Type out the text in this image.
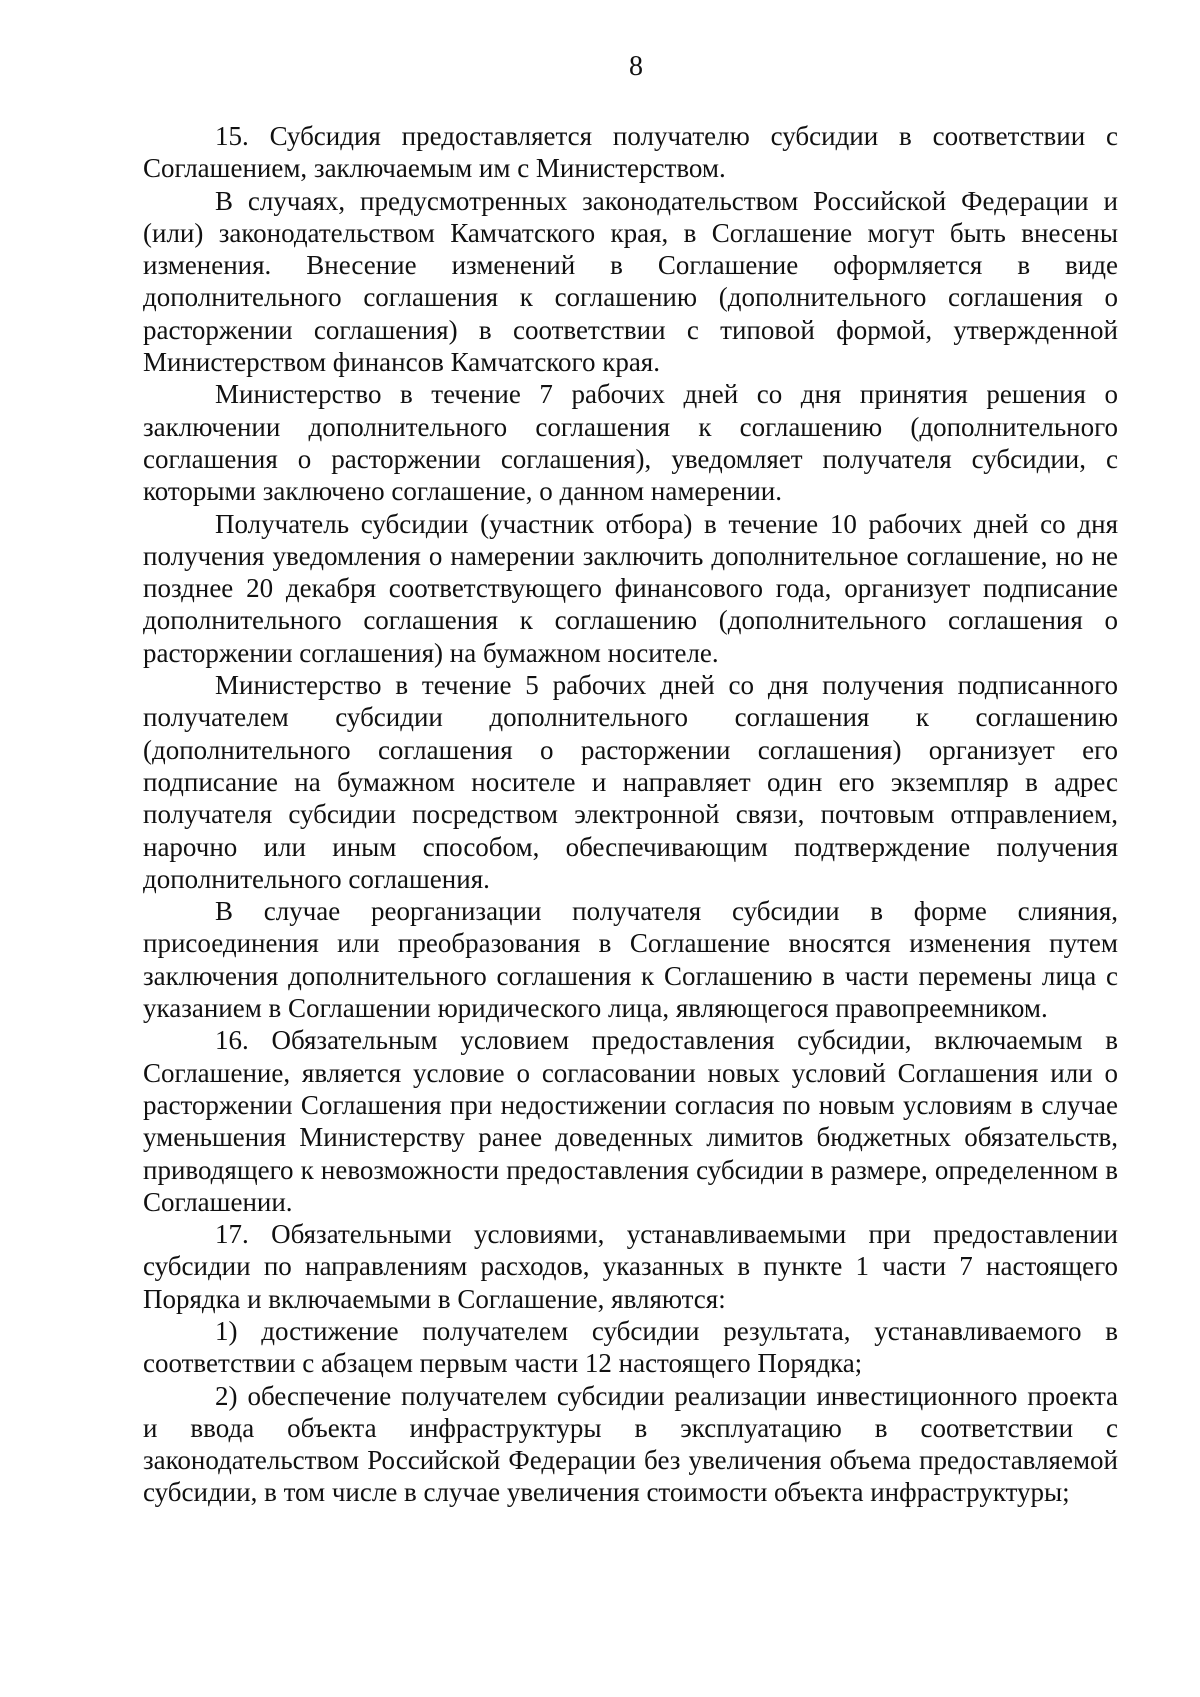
8

15. Субсидия предоставляется получателю субсидии в соответствии с Соглашением, заключаемым им с Министерством.

В случаях, предусмотренных законодательством Российской Федерации и (или) законодательством Камчатского края, в Соглашение могут быть внесены изменения. Внесение изменений в Соглашение оформляется в виде дополнительного соглашения к соглашению (дополнительного соглашения о расторжении соглашения) в соответствии с типовой формой, утвержденной Министерством финансов Камчатского края.

Министерство в течение 7 рабочих дней со дня принятия решения о заключении дополнительного соглашения к соглашению (дополнительного соглашения о расторжении соглашения), уведомляет получателя субсидии, с которыми заключено соглашение, о данном намерении.

Получатель субсидии (участник отбора) в течение 10 рабочих дней со дня получения уведомления о намерении заключить дополнительное соглашение, но не позднее 20 декабря соответствующего финансового года, организует подписание дополнительного соглашения к соглашению (дополнительного соглашения о расторжении соглашения) на бумажном носителе.

Министерство в течение 5 рабочих дней со дня получения подписанного получателем субсидии дополнительного соглашения к соглашению (дополнительного соглашения о расторжении соглашения) организует его подписание на бумажном носителе и направляет один его экземпляр в адрес получателя субсидии посредством электронной связи, почтовым отправлением, нарочно или иным способом, обеспечивающим подтверждение получения дополнительного соглашения.

В случае реорганизации получателя субсидии в форме слияния, присоединения или преобразования в Соглашение вносятся изменения путем заключения дополнительного соглашения к Соглашению в части перемены лица с указанием в Соглашении юридического лица, являющегося правопреемником.

16. Обязательным условием предоставления субсидии, включаемым в Соглашение, является условие о согласовании новых условий Соглашения или о расторжении Соглашения при недостижении согласия по новым условиям в случае уменьшения Министерству ранее доведенных лимитов бюджетных обязательств, приводящего к невозможности предоставления субсидии в размере, определенном в Соглашении.

17. Обязательными условиями, устанавливаемыми при предоставлении субсидии по направлениям расходов, указанных в пункте 1 части 7 настоящего Порядка и включаемыми в Соглашение, являются:

1) достижение получателем субсидии результата, устанавливаемого в соответствии с абзацем первым части 12 настоящего Порядка;

2) обеспечение получателем субсидии реализации инвестиционного проекта и ввода объекта инфраструктуры в эксплуатацию в соответствии с законодательством Российской Федерации без увеличения объема предоставляемой субсидии, в том числе в случае увеличения стоимости объекта инфраструктуры;
